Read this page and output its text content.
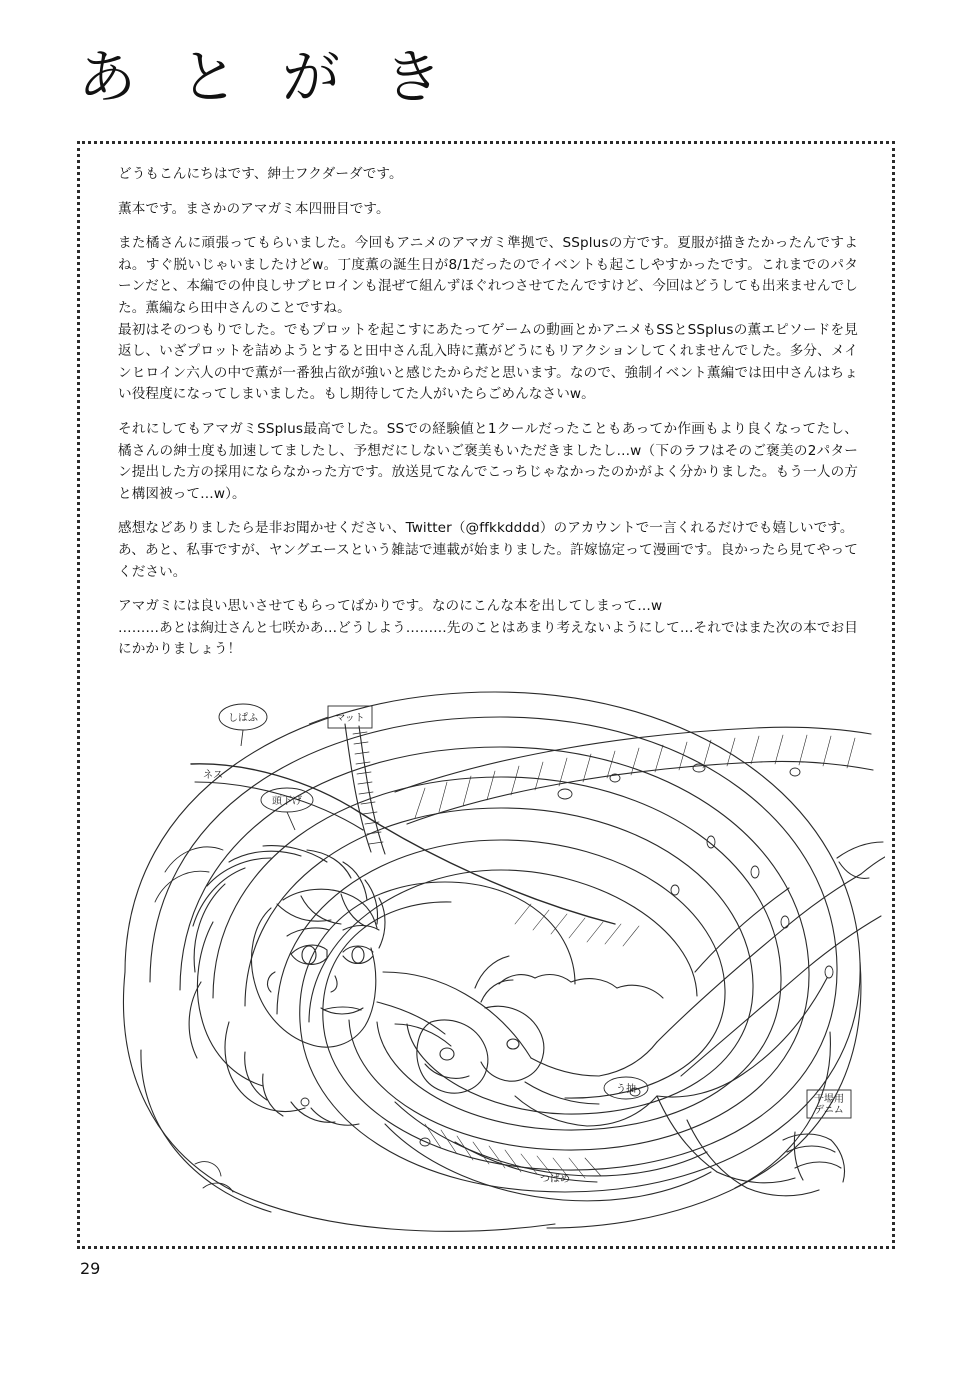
あとがき

どうもこんにちはです、紳士フクダーダです。

薫本です。まさかのアマガミ本四冊目です。

また橘さんに頑張ってもらいました。今回もアニメのアマガミ準拠で、SSplusの方です。夏服が描きたかったんですよね。すぐ脱いじゃいましたけどw。丁度薫の誕生日が8/1だったのでイベントも起こしやすかったです。これまでのパターンだと、本編での仲良しサブヒロインも混ぜて組んずほぐれつさせてたんですけど、今回はどうしても出来ませんでした。薫編なら田中さんのことですね。

最初はそのつもりでした。でもプロットを起こすにあたってゲームの動画とかアニメもSSとSSplusの薫エピソードを見返し、いざプロットを詰めようとすると田中さん乱入時に薫がどうにもリアクションしてくれませんでした。多分、メインヒロイン六人の中で薫が一番独占欲が強いと感じたからだと思います。なので、強制イベント薫編では田中さんはちょい役程度になってしまいました。もし期待してた人がいたらごめんなさいw。

それにしてもアマガミSSplus最高でした。SSでの経験値と1クールだったこともあってか作画もより良くなってたし、橘さんの紳士度も加速してましたし、予想だにしないご褒美もいただきましたし…w（下のラフはそのご褒美の2パターン提出した方の採用にならなかった方です。放送見てなんでこっちじゃなかったのかがよく分かりました。もう一人の方と構図被って…w）。

感想などありましたら是非お聞かせください、Twitter（@ffkkdddd）のアカウントで一言くれるだけでも嬉しいです。

あ、あと、私事ですが、ヤングエースという雑誌で連載が始まりました。許嫁協定って漫画です。良かったら見てやってください。

アマガミには良い思いさせてもらってばかりです。なのにこんな本を出してしまって…w

………あとは絢辻さんと七咲かあ…どうしよう………先のことはあまり考えないようにして…それではまた次の本でお目にかかりましょう！

しぱふ	マット
頭下げ
ネス
う抽
つばめ
干場用
デニム
29
